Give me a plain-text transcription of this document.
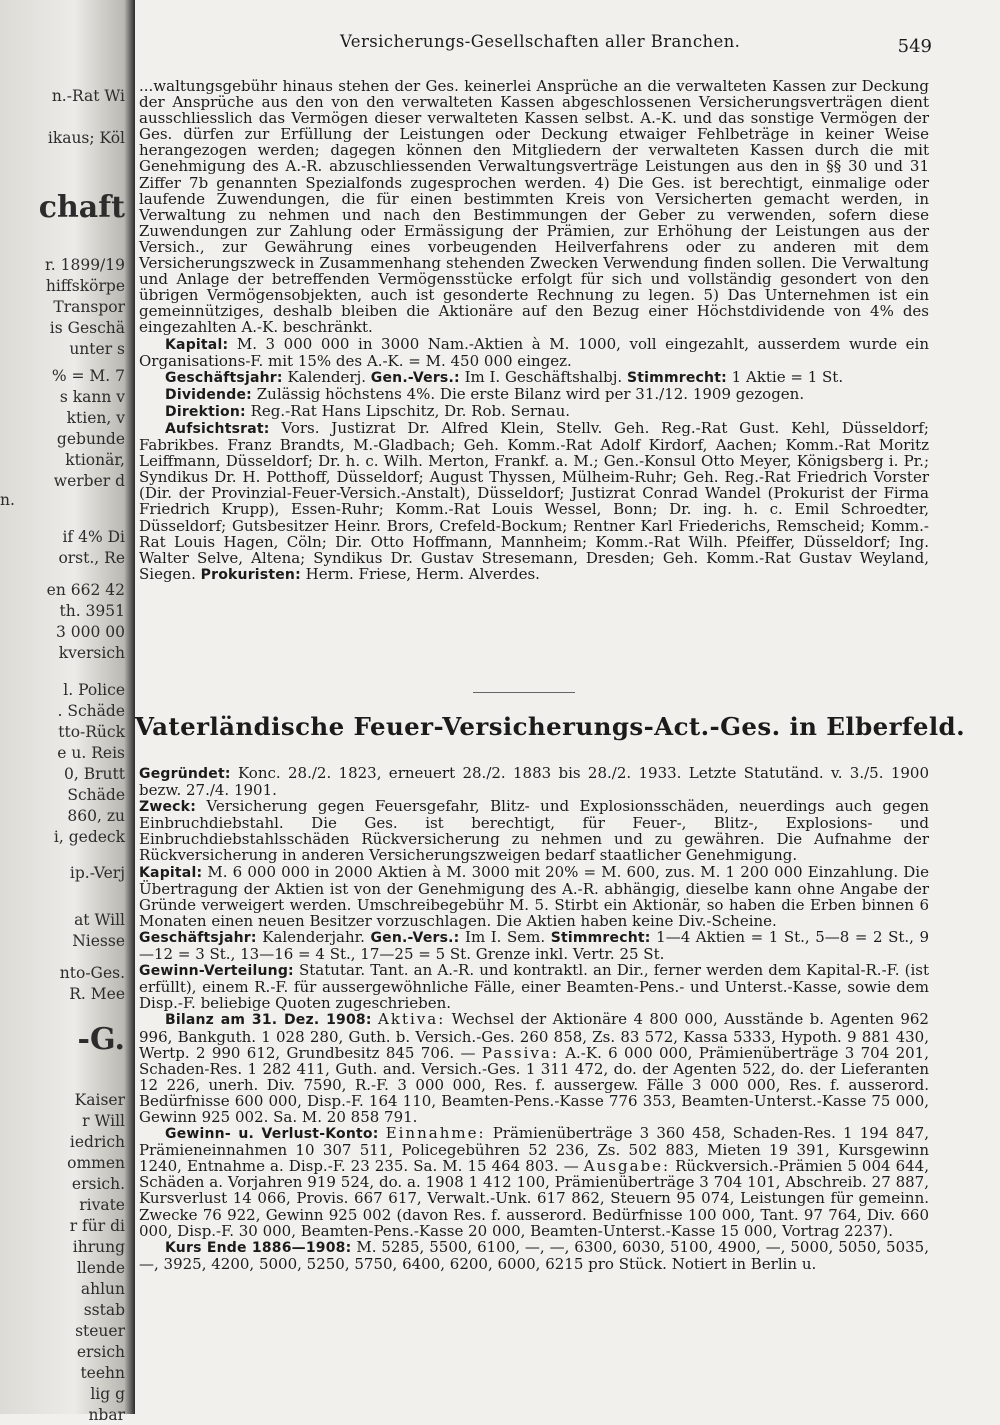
n.-Rat Wi
ikaus; Köl
chaft
r. 1899/19
hiffskörpe
Transpor
is Geschä
unter s
% = M. 7
s kann v
ktien, v
gebunde
ktionär,
werber d
n.
if 4% Di
orst., Re
en 662 42
th. 3951
3 000 00
kversich
l. Police
. Schäde
tto-Rück
e u. Reis
0, Brutt
Schäde
860, zu
i, gedeck
ip.-Verj
at Will
Niesse
nto-Ges.
R. Mee
-G.
Kaiser
r Will
iedrich
ommen
ersich.
rivate
r für di
ihrung
llende
ahlun
sstab
steuer
ersich
teehn
lig g
nbar
Versicherungs-Gesellschaften aller Branchen.	549

...waltungsgebühr hinaus stehen der Ges. keinerlei Ansprüche an die verwalteten Kassen zur Deckung der Ansprüche aus den von den verwalteten Kassen abgeschlossenen Versicherungsverträgen dient ausschliesslich das Vermögen dieser verwalteten Kassen selbst. A.-K. und das sonstige Vermögen der Ges. dürfen zur Erfüllung der Leistungen oder Deckung etwaiger Fehlbeträge in keiner Weise herangezogen werden; dagegen können den Mitgliedern der verwalteten Kassen durch die mit Genehmigung des A.-R. abzuschliessenden Verwaltungsverträge Leistungen aus den in §§ 30 und 31 Ziffer 7b genannten Spezialfonds zugesprochen werden. 4) Die Ges. ist berechtigt, einmalige oder laufende Zuwendungen, die für einen bestimmten Kreis von Versicherten gemacht werden, in Verwaltung zu nehmen und nach den Bestimmungen der Geber zu verwenden, sofern diese Zuwendungen zur Zahlung oder Ermässigung der Prämien, zur Erhöhung der Leistungen aus der Versich., zur Gewährung eines vorbeugenden Heilverfahrens oder zu anderen mit dem Versicherungszweck in Zusammenhang stehenden Zwecken Verwendung finden sollen. Die Verwaltung und Anlage der betreffenden Vermögensstücke erfolgt für sich und vollständig gesondert von den übrigen Vermögensobjekten, auch ist gesonderte Rechnung zu legen. 5) Das Unternehmen ist ein gemeinnütziges, deshalb bleiben die Aktionäre auf den Bezug einer Höchstdividende von 4% des eingezahlten A.-K. beschränkt.

Kapital: M. 3 000 000 in 3000 Nam.-Aktien à M. 1000, voll eingezahlt, ausserdem wurde ein Organisations-F. mit 15% des A.-K. = M. 450 000 eingez.

Geschäftsjahr: Kalenderj. Gen.-Vers.: Im I. Geschäftshalbj. Stimmrecht: 1 Aktie = 1 St.

Dividende: Zulässig höchstens 4%. Die erste Bilanz wird per 31./12. 1909 gezogen.

Direktion: Reg.-Rat Hans Lipschitz, Dr. Rob. Sernau.

Aufsichtsrat: Vors. Justizrat Dr. Alfred Klein, Stellv. Geh. Reg.-Rat Gust. Kehl, Düsseldorf; Fabrikbes. Franz Brandts, M.-Gladbach; Geh. Komm.-Rat Adolf Kirdorf, Aachen; Komm.-Rat Moritz Leiffmann, Düsseldorf; Dr. h. c. Wilh. Merton, Frankf. a. M.; Gen.-Konsul Otto Meyer, Königsberg i. Pr.; Syndikus Dr. H. Potthoff, Düsseldorf; August Thyssen, Mülheim-Ruhr; Geh. Reg.-Rat Friedrich Vorster (Dir. der Provinzial-Feuer-Versich.-Anstalt), Düsseldorf; Justizrat Conrad Wandel (Prokurist der Firma Friedrich Krupp), Essen-Ruhr; Komm.-Rat Louis Wessel, Bonn; Dr. ing. h. c. Emil Schroedter, Düsseldorf; Gutsbesitzer Heinr. Brors, Crefeld-Bockum; Rentner Karl Friederichs, Remscheid; Komm.-Rat Louis Hagen, Cöln; Dir. Otto Hoffmann, Mannheim; Komm.-Rat Wilh. Pfeiffer, Düsseldorf; Ing. Walter Selve, Altena; Syndikus Dr. Gustav Stresemann, Dresden; Geh. Komm.-Rat Gustav Weyland, Siegen. Prokuristen: Herm. Friese, Herm. Alverdes.

Vaterländische Feuer-Versicherungs-Act.-Ges. in Elberfeld.

Gegründet: Konc. 28./2. 1823, erneuert 28./2. 1883 bis 28./2. 1933. Letzte Statutänd. v. 3./5. 1900 bezw. 27./4. 1901.

Zweck: Versicherung gegen Feuersgefahr, Blitz- und Explosionsschäden, neuerdings auch gegen Einbruchdiebstahl. Die Ges. ist berechtigt, für Feuer-, Blitz-, Explosions- und Einbruchdiebstahlsschäden Rückversicherung zu nehmen und zu gewähren. Die Aufnahme der Rückversicherung in anderen Versicherungszweigen bedarf staatlicher Genehmigung.

Kapital: M. 6 000 000 in 2000 Aktien à M. 3000 mit 20% = M. 600, zus. M. 1 200 000 Einzahlung. Die Übertragung der Aktien ist von der Genehmigung des A.-R. abhängig, dieselbe kann ohne Angabe der Gründe verweigert werden. Umschreibegebühr M. 5. Stirbt ein Aktionär, so haben die Erben binnen 6 Monaten einen neuen Besitzer vorzuschlagen. Die Aktien haben keine Div.-Scheine.

Geschäftsjahr: Kalenderjahr. Gen.-Vers.: Im I. Sem. Stimmrecht: 1—4 Aktien = 1 St., 5—8 = 2 St., 9—12 = 3 St., 13—16 = 4 St., 17—25 = 5 St. Grenze inkl. Vertr. 25 St.

Gewinn-Verteilung: Statutar. Tant. an A.-R. und kontraktl. an Dir., ferner werden dem Kapital-R.-F. (ist erfüllt), einem R.-F. für aussergewöhnliche Fälle, einer Beamten-Pens.- und Unterst.-Kasse, sowie dem Disp.-F. beliebige Quoten zugeschrieben.

Bilanz am 31. Dez. 1908: Aktiva: Wechsel der Aktionäre 4 800 000, Ausstände b. Agenten 962 996, Bankguth. 1 028 280, Guth. b. Versich.-Ges. 260 858, Zs. 83 572, Kassa 5333, Hypoth. 9 881 430, Wertp. 2 990 612, Grundbesitz 845 706. — Passiva: A.-K. 6 000 000, Prämienüberträge 3 704 201, Schaden-Res. 1 282 411, Guth. and. Versich.-Ges. 1 311 472, do. der Agenten 522, do. der Lieferanten 12 226, unerh. Div. 7590, R.-F. 3 000 000, Res. f. aussergew. Fälle 3 000 000, Res. f. ausserord. Bedürfnisse 600 000, Disp.-F. 164 110, Beamten-Pens.-Kasse 776 353, Beamten-Unterst.-Kasse 75 000, Gewinn 925 002. Sa. M. 20 858 791.

Gewinn- u. Verlust-Konto: Einnahme: Prämienüberträge 3 360 458, Schaden-Res. 1 194 847, Prämieneinnahmen 10 307 511, Policegebühren 52 236, Zs. 502 883, Mieten 19 391, Kursgewinn 1240, Entnahme a. Disp.-F. 23 235. Sa. M. 15 464 803. — Ausgabe: Rückversich.-Prämien 5 004 644, Schäden a. Vorjahren 919 524, do. a. 1908 1 412 100, Prämienüberträge 3 704 101, Abschreib. 27 887, Kursverlust 14 066, Provis. 667 617, Verwalt.-Unk. 617 862, Steuern 95 074, Leistungen für gemeinn. Zwecke 76 922, Gewinn 925 002 (davon Res. f. ausserord. Bedürfnisse 100 000, Tant. 97 764, Div. 660 000, Disp.-F. 30 000, Beamten-Pens.-Kasse 20 000, Beamten-Unterst.-Kasse 15 000, Vortrag 2237).

Kurs Ende 1886—1908: M. 5285, 5500, 6100, —, —, 6300, 6030, 5100, 4900, —, 5000, 5050, 5035, —, 3925, 4200, 5000, 5250, 5750, 6400, 6200, 6000, 6215 pro Stück. Notiert in Berlin u.
